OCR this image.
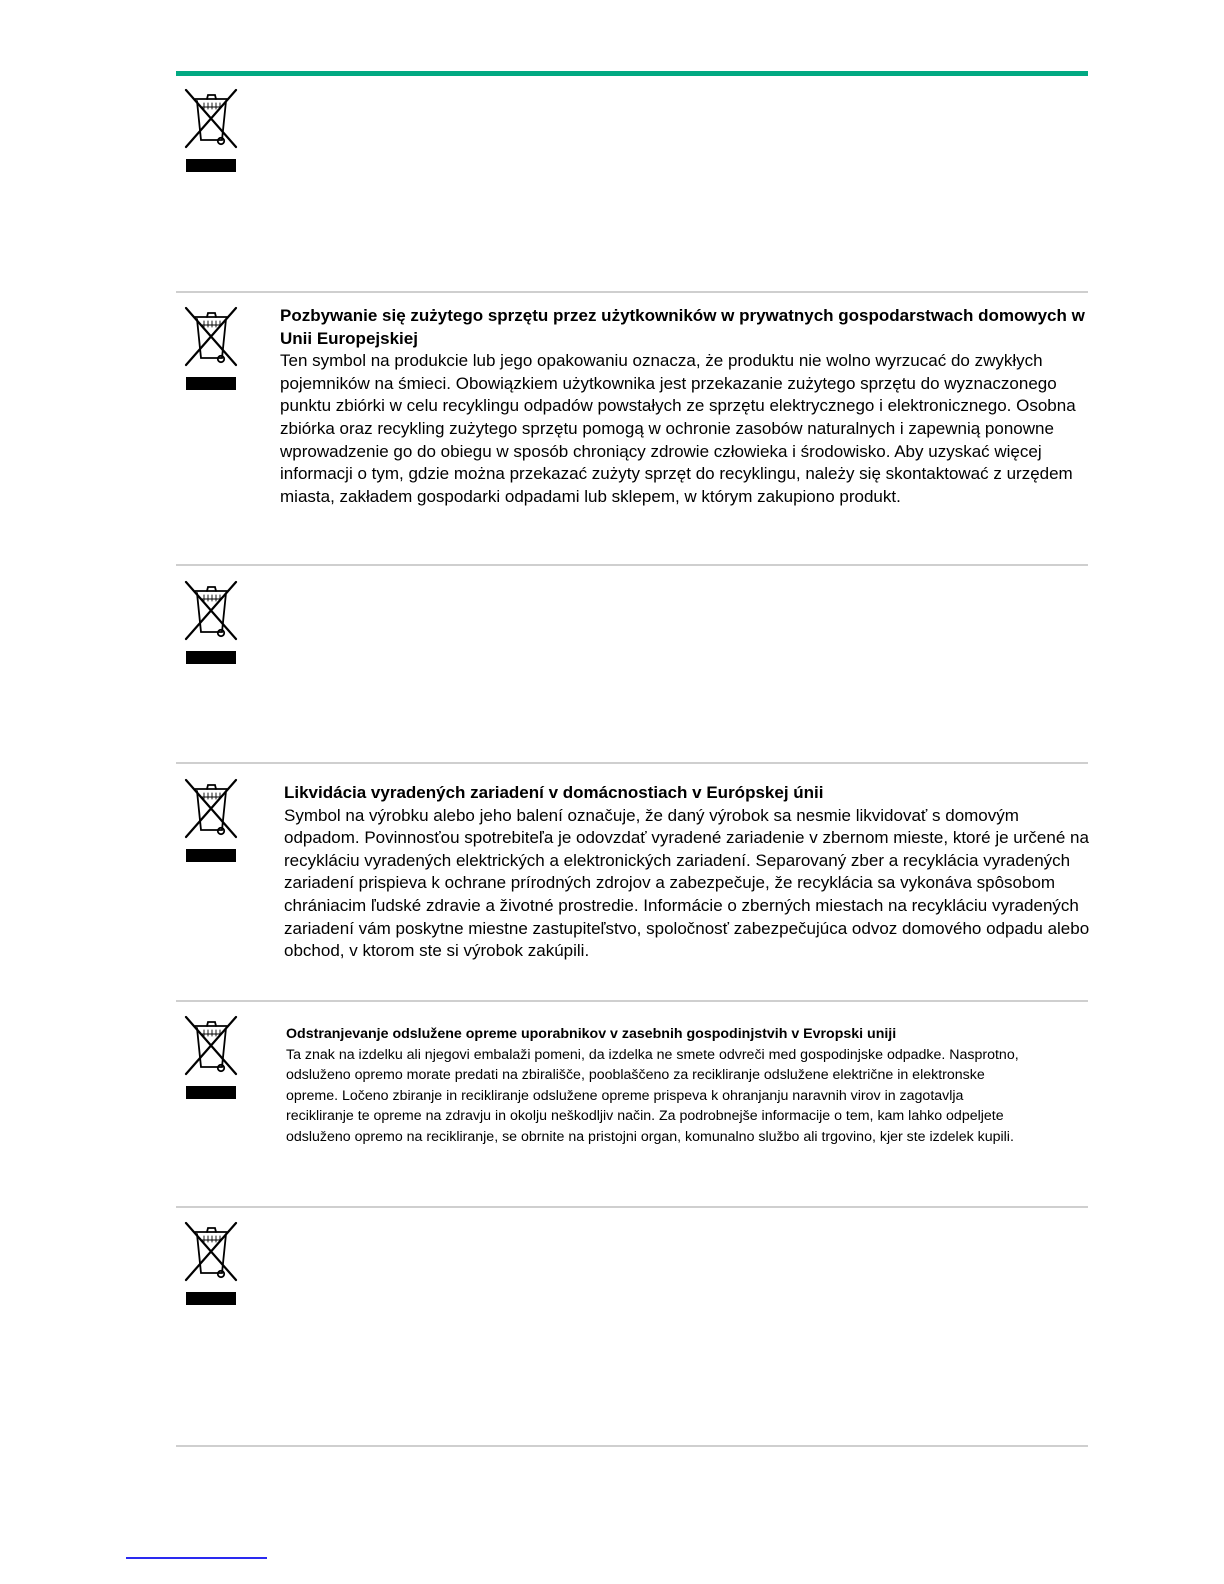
Pozbywanie się zużytego sprzętu przez użytkowników w prywatnych gospodarstwach domowych w Unii Europejskiej

Ten symbol na produkcie lub jego opakowaniu oznacza, że produktu nie wolno wyrzucać do zwykłych pojemników na śmieci. Obowiązkiem użytkownika jest przekazanie zużytego sprzętu do wyznaczonego punktu zbiórki w celu recyklingu odpadów powstałych ze sprzętu elektrycznego i elektronicznego. Osobna zbiórka oraz recykling zużytego sprzętu pomogą w ochronie zasobów naturalnych i zapewnią ponowne wprowadzenie go do obiegu w sposób chroniący zdrowie człowieka i środowisko. Aby uzyskać więcej informacji o tym, gdzie można przekazać zużyty sprzęt do recyklingu, należy się skontaktować z urzędem miasta, zakładem gospodarki odpadami lub sklepem, w którym zakupiono produkt.

Likvidácia vyradených zariadení v domácnostiach v Európskej únii

Symbol na výrobku alebo jeho balení označuje, že daný výrobok sa nesmie likvidovať s domovým odpadom. Povinnosťou spotrebiteľa je odovzdať vyradené zariadenie v zbernom mieste, ktoré je určené na recykláciu vyradených elektrických a elektronických zariadení. Separovaný zber a recyklácia vyradených zariadení prispieva k ochrane prírodných zdrojov a zabezpečuje, že recyklácia sa vykonáva spôsobom chrániacim ľudské zdravie a životné prostredie. Informácie o zberných miestach na recykláciu vyradených zariadení vám poskytne miestne zastupiteľstvo, spoločnosť zabezpečujúca odvoz domového odpadu alebo obchod, v ktorom ste si výrobok zakúpili.

Odstranjevanje odslužene opreme uporabnikov v zasebnih gospodinjstvih v Evropski uniji

Ta znak na izdelku ali njegovi embalaži pomeni, da izdelka ne smete odvreči med gospodinjske odpadke. Nasprotno, odsluženo opremo morate predati na zbirališče, pooblaščeno za recikliranje odslužene električne in elektronske opreme. Ločeno zbiranje in recikliranje odslužene opreme prispeva k ohranjanju naravnih virov in zagotavlja recikliranje te opreme na zdravju in okolju neškodljiv način. Za podrobnejše informacije o tem, kam lahko odpeljete odsluženo opremo na recikliranje, se obrnite na pristojni organ, komunalno službo ali trgovino, kjer ste izdelek kupili.
